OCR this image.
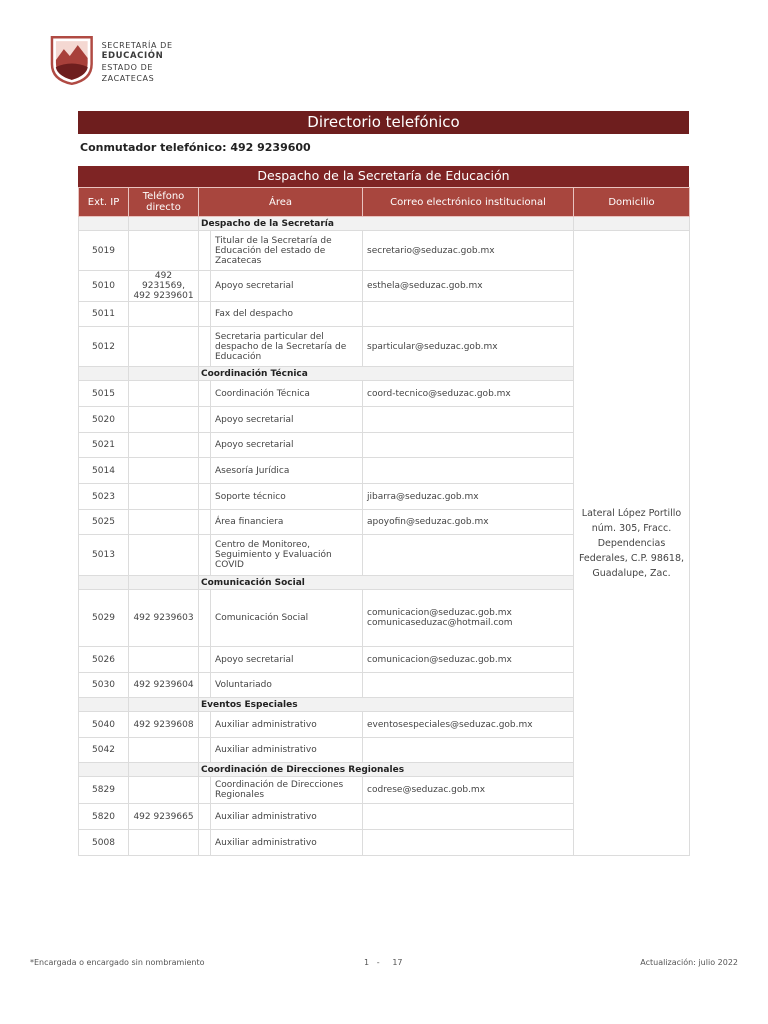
SECRETARÍA DE
EDUCACIÓN
ESTADO DE ZACATECAS
Directorio telefónico
Conmutador telefónico: 492 9239600
Despacho de la Secretaría de Educación
Ext. IP	Teléfono directo	Área		Correo electrónico institucional	Domicilio
		Despacho de la Secretaría			
5019			Titular de la Secretaría de Educación del estado de Zacatecas	secretario@seduzac.gob.mx	Lateral López Portillo núm. 305, Fracc. Dependencias Federales, C.P. 98618, Guadalupe, Zac.
5010	492 9231569, 492 9239601		Apoyo secretarial	esthela@seduzac.gob.mx	

5011			Fax del despacho		

5012			Secretaria particular del despacho de la Secretaría de Educación	sparticular@seduzac.gob.mx	

		Coordinación Técnica			
5015			Coordinación Técnica	coord-tecnico@seduzac.gob.mx	

5020			Apoyo secretarial		

5021			Apoyo secretarial		

5014			Asesoría Jurídica		

5023			Soporte técnico	jibarra@seduzac.gob.mx	

5025			Área financiera	apoyofin@seduzac.gob.mx	

5013			Centro de Monitoreo, Seguimiento y Evaluación COVID		

		Comunicación Social			
5029	492 9239603		Comunicación Social	comunicacion@seduzac.gob.mx
comunicaseduzac@hotmail.com	

5026			Apoyo secretarial	comunicacion@seduzac.gob.mx	

5030	492 9239604		Voluntariado		

		Eventos Especiales			
5040	492 9239608		Auxiliar administrativo	eventosespeciales@seduzac.gob.mx	

5042			Auxiliar administrativo		

		Coordinación de Direcciones Regionales			
5829			Coordinación de Direcciones Regionales	codrese@seduzac.gob.mx	

5820	492 9239665		Auxiliar administrativo		

5008			Auxiliar administrativo		
*Encargada o encargado sin nombramiento	1   -     17	Actualización: julio 2022
